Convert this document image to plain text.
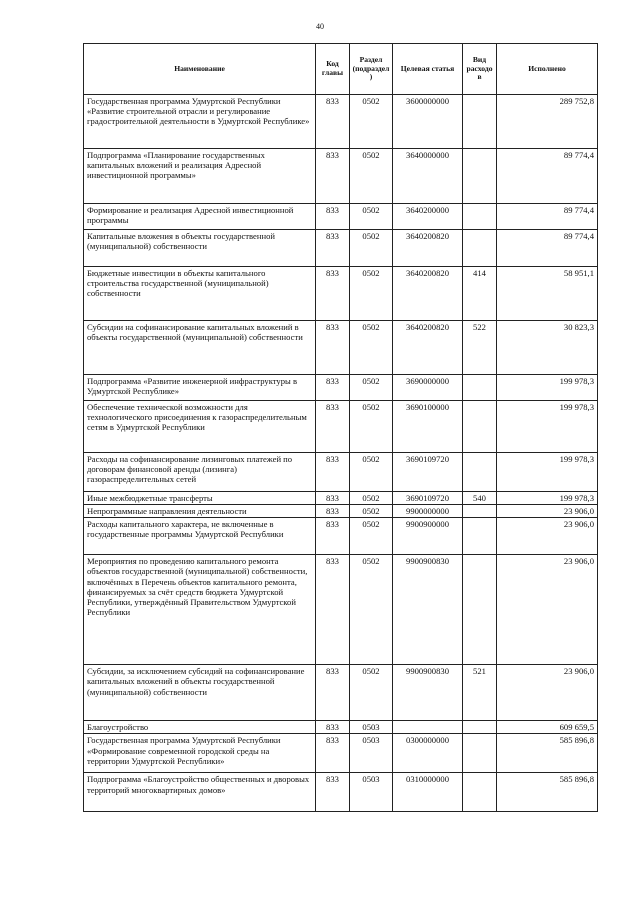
40
Наименование	Код главы	Раздел (подраздел)	Целевая статья	Вид расходов	Исполнено
Государственная программа Удмуртской Республики «Развитие строительной отрасли и регулирование градостроительной деятельности в Удмуртской Республике»	833	0502	3600000000		289 752,8
Подпрограмма «Планирование государственных капитальных вложений и реализация Адресной инвестиционной программы»	833	0502	3640000000		89 774,4
Формирование и реализация Адресной инвестиционной программы	833	0502	3640200000		89 774,4
Капитальные вложения в объекты государственной (муниципальной) собственности	833	0502	3640200820		89 774,4
Бюджетные инвестиции в объекты капитального строительства государственной (муниципальной) собственности	833	0502	3640200820	414	58 951,1
Субсидии на софинансирование капитальных вложений в объекты государственной (муниципальной) собственности	833	0502	3640200820	522	30 823,3
Подпрограмма «Развитие инженерной инфраструктуры в Удмуртской Республике»	833	0502	3690000000		199 978,3
Обеспечение технической возможности для технологического присоединения к газораспределительным сетям в Удмуртской Республики	833	0502	3690100000		199 978,3
Расходы на софинансирование лизинговых платежей по договорам финансовой аренды (лизинга) газораспределительных сетей	833	0502	3690109720		199 978,3
Иные межбюджетные трансферты	833	0502	3690109720	540	199 978,3
Непрограммные направления деятельности	833	0502	9900000000		23 906,0
Расходы капитального характера, не включенные в государственные программы Удмуртской Республики	833	0502	9900900000		23 906,0
Мероприятия по проведению капитального ремонта объектов государственной (муниципальной) собственности, включённых в Перечень объектов капитального ремонта, финансируемых за счёт средств бюджета Удмуртской Республики, утверждённый Правительством Удмуртской Республики	833	0502	9900900830		23 906,0
Субсидии, за исключением субсидий на софинансирование капитальных вложений в объекты государственной (муниципальной) собственности	833	0502	9900900830	521	23 906,0
Благоустройство	833	0503			609 659,5
Государственная программа Удмуртской Республики «Формирование современной городской среды на территории Удмуртской Республики»	833	0503	0300000000		585 896,8
Подпрограмма «Благоустройство общественных и дворовых территорий многоквартирных домов»	833	0503	0310000000		585 896,8
